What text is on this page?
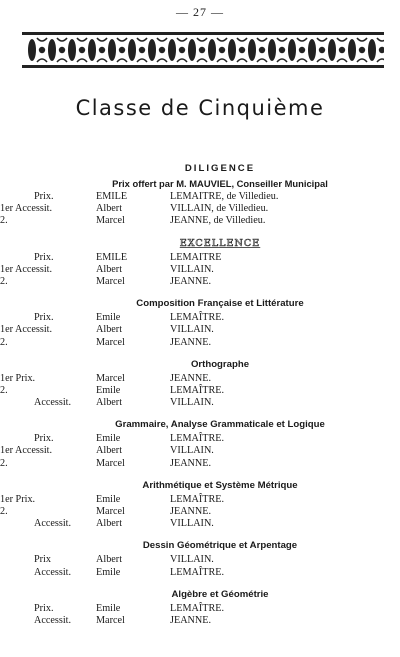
— 27 —
Classe de Cinquième
DILIGENCE
Prix offert par M. MAUVIEL, Conseiller Municipal
Prix.	EMILE	LEMAITRE, de Villedieu.
1er Accessit.	Albert	VILLAIN, de Villedieu.
2.	Marcel	JEANNE, de Villedieu.
EXCELLENCE
Prix.	EMILE	LEMAITRE
1er Accessit.	Albert	VILLAIN.
2.	Marcel	JEANNE.
Composition Française et Littérature
Prix.	Emile	LEMAÎTRE.
1er Accessit.	Albert	VILLAIN.
2.	Marcel	JEANNE.
Orthographe
1er Prix.	Marcel	JEANNE.
2.	Emile	LEMAÎTRE.
Accessit. Albert	VILLAIN.
Grammaire, Analyse Grammaticale et Logique
Prix.	Emile	LEMAÎTRE.
1er Accessit.	Albert	VILLAIN.
2.	Marcel	JEANNE.
Arithmétique et Système Métrique
1er Prix.	Emile	LEMAÎTRE.
2.	Marcel	JEANNE.
Accessit. Albert	VILLAIN.
Dessin Géométrique et Arpentage
Prix	Albert	VILLAIN.
Accessit. Emile	LEMAÎTRE.
Algèbre et Géométrie
Prix.	Emile	LEMAÎTRE.
Accessit. Marcel	JEANNE.
